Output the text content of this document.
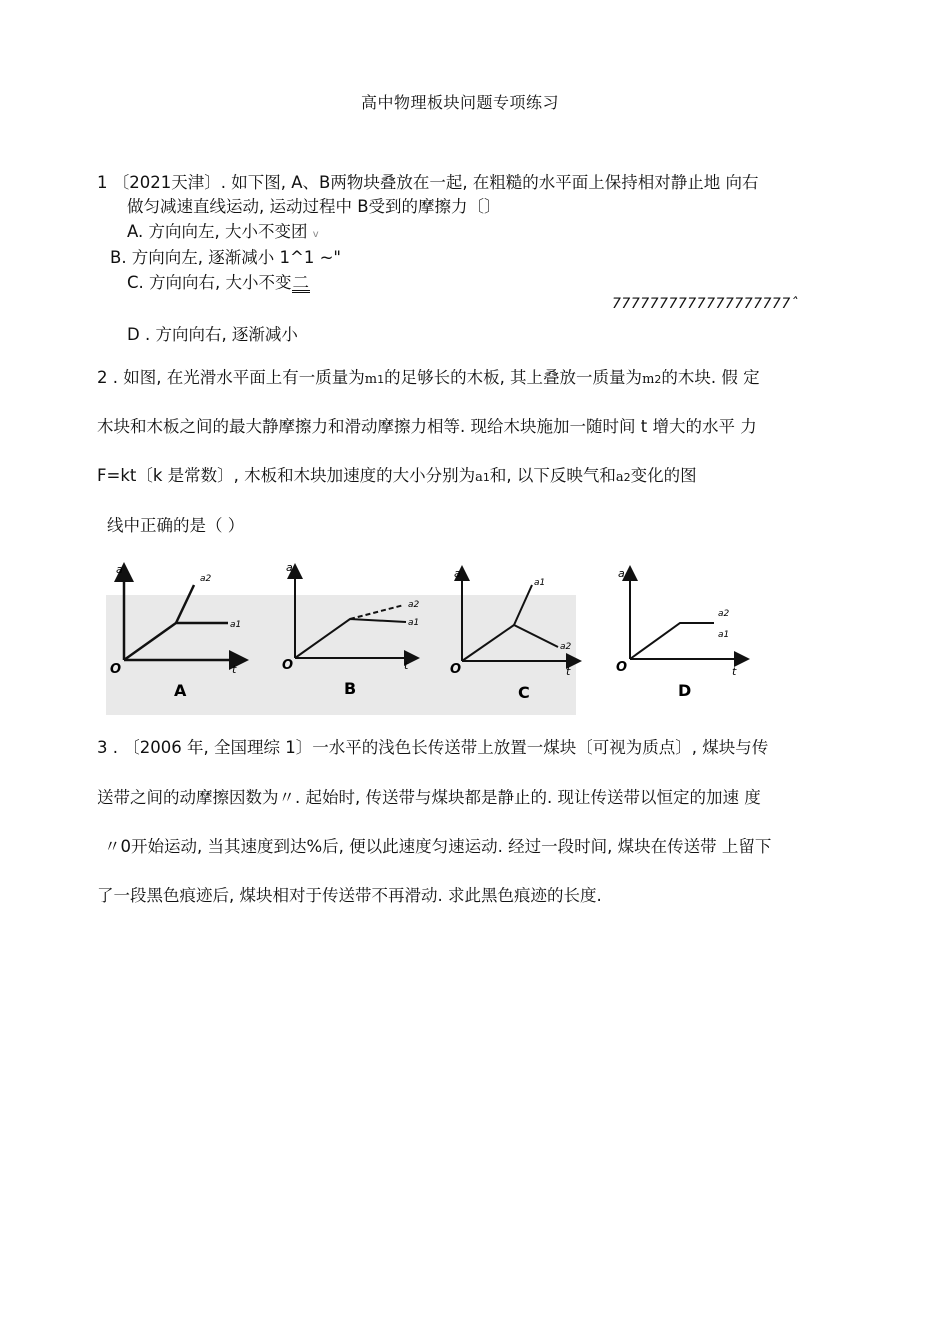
高中物理板块问题专项练习
1 〔2021天津〕. 如下图, A、B两物块叠放在一起, 在粗糙的水平面上保持相对静止地 向右
做匀减速直线运动, 运动过程中 B受到的摩擦力〔〕
A. 方向向左, 大小不变团 v
B. 方向向左, 逐渐减小 1^1 ~"
C. 方向向右, 大小不变二
7777777777777777777ˆ
D . 方向向右, 逐渐减小
2 . 如图, 在光滑水平面上有一质量为m1的足够长的木板, 其上叠放一质量为m2的木块. 假 定
木块和木板之间的最大静摩擦力和滑动摩擦力相等. 现给木块施加一随时间 t 增大的水平 力
F=kt〔k 是常数〕, 木板和木块加速度的大小分别为a1和, 以下反映气和a2变化的图
线中正确的是（ ）
a
O	t
a2
a1
A
a
O	t
a2
a1
B
a
O	t
a1
a2
C
a
O	t
a2
a1
D
3 . 〔2006 年, 全国理综 1〕一水平的浅色长传送带上放置一煤块〔可视为质点〕, 煤块与传
送带之间的动摩擦因数为〃. 起始时, 传送带与煤块都是静止的. 现让传送带以恒定的加速 度
〃0开始运动, 当其速度到达%后, 便以此速度匀速运动. 经过一段时间, 煤块在传送带 上留下
了一段黑色痕迹后, 煤块相对于传送带不再滑动. 求此黑色痕迹的长度.
